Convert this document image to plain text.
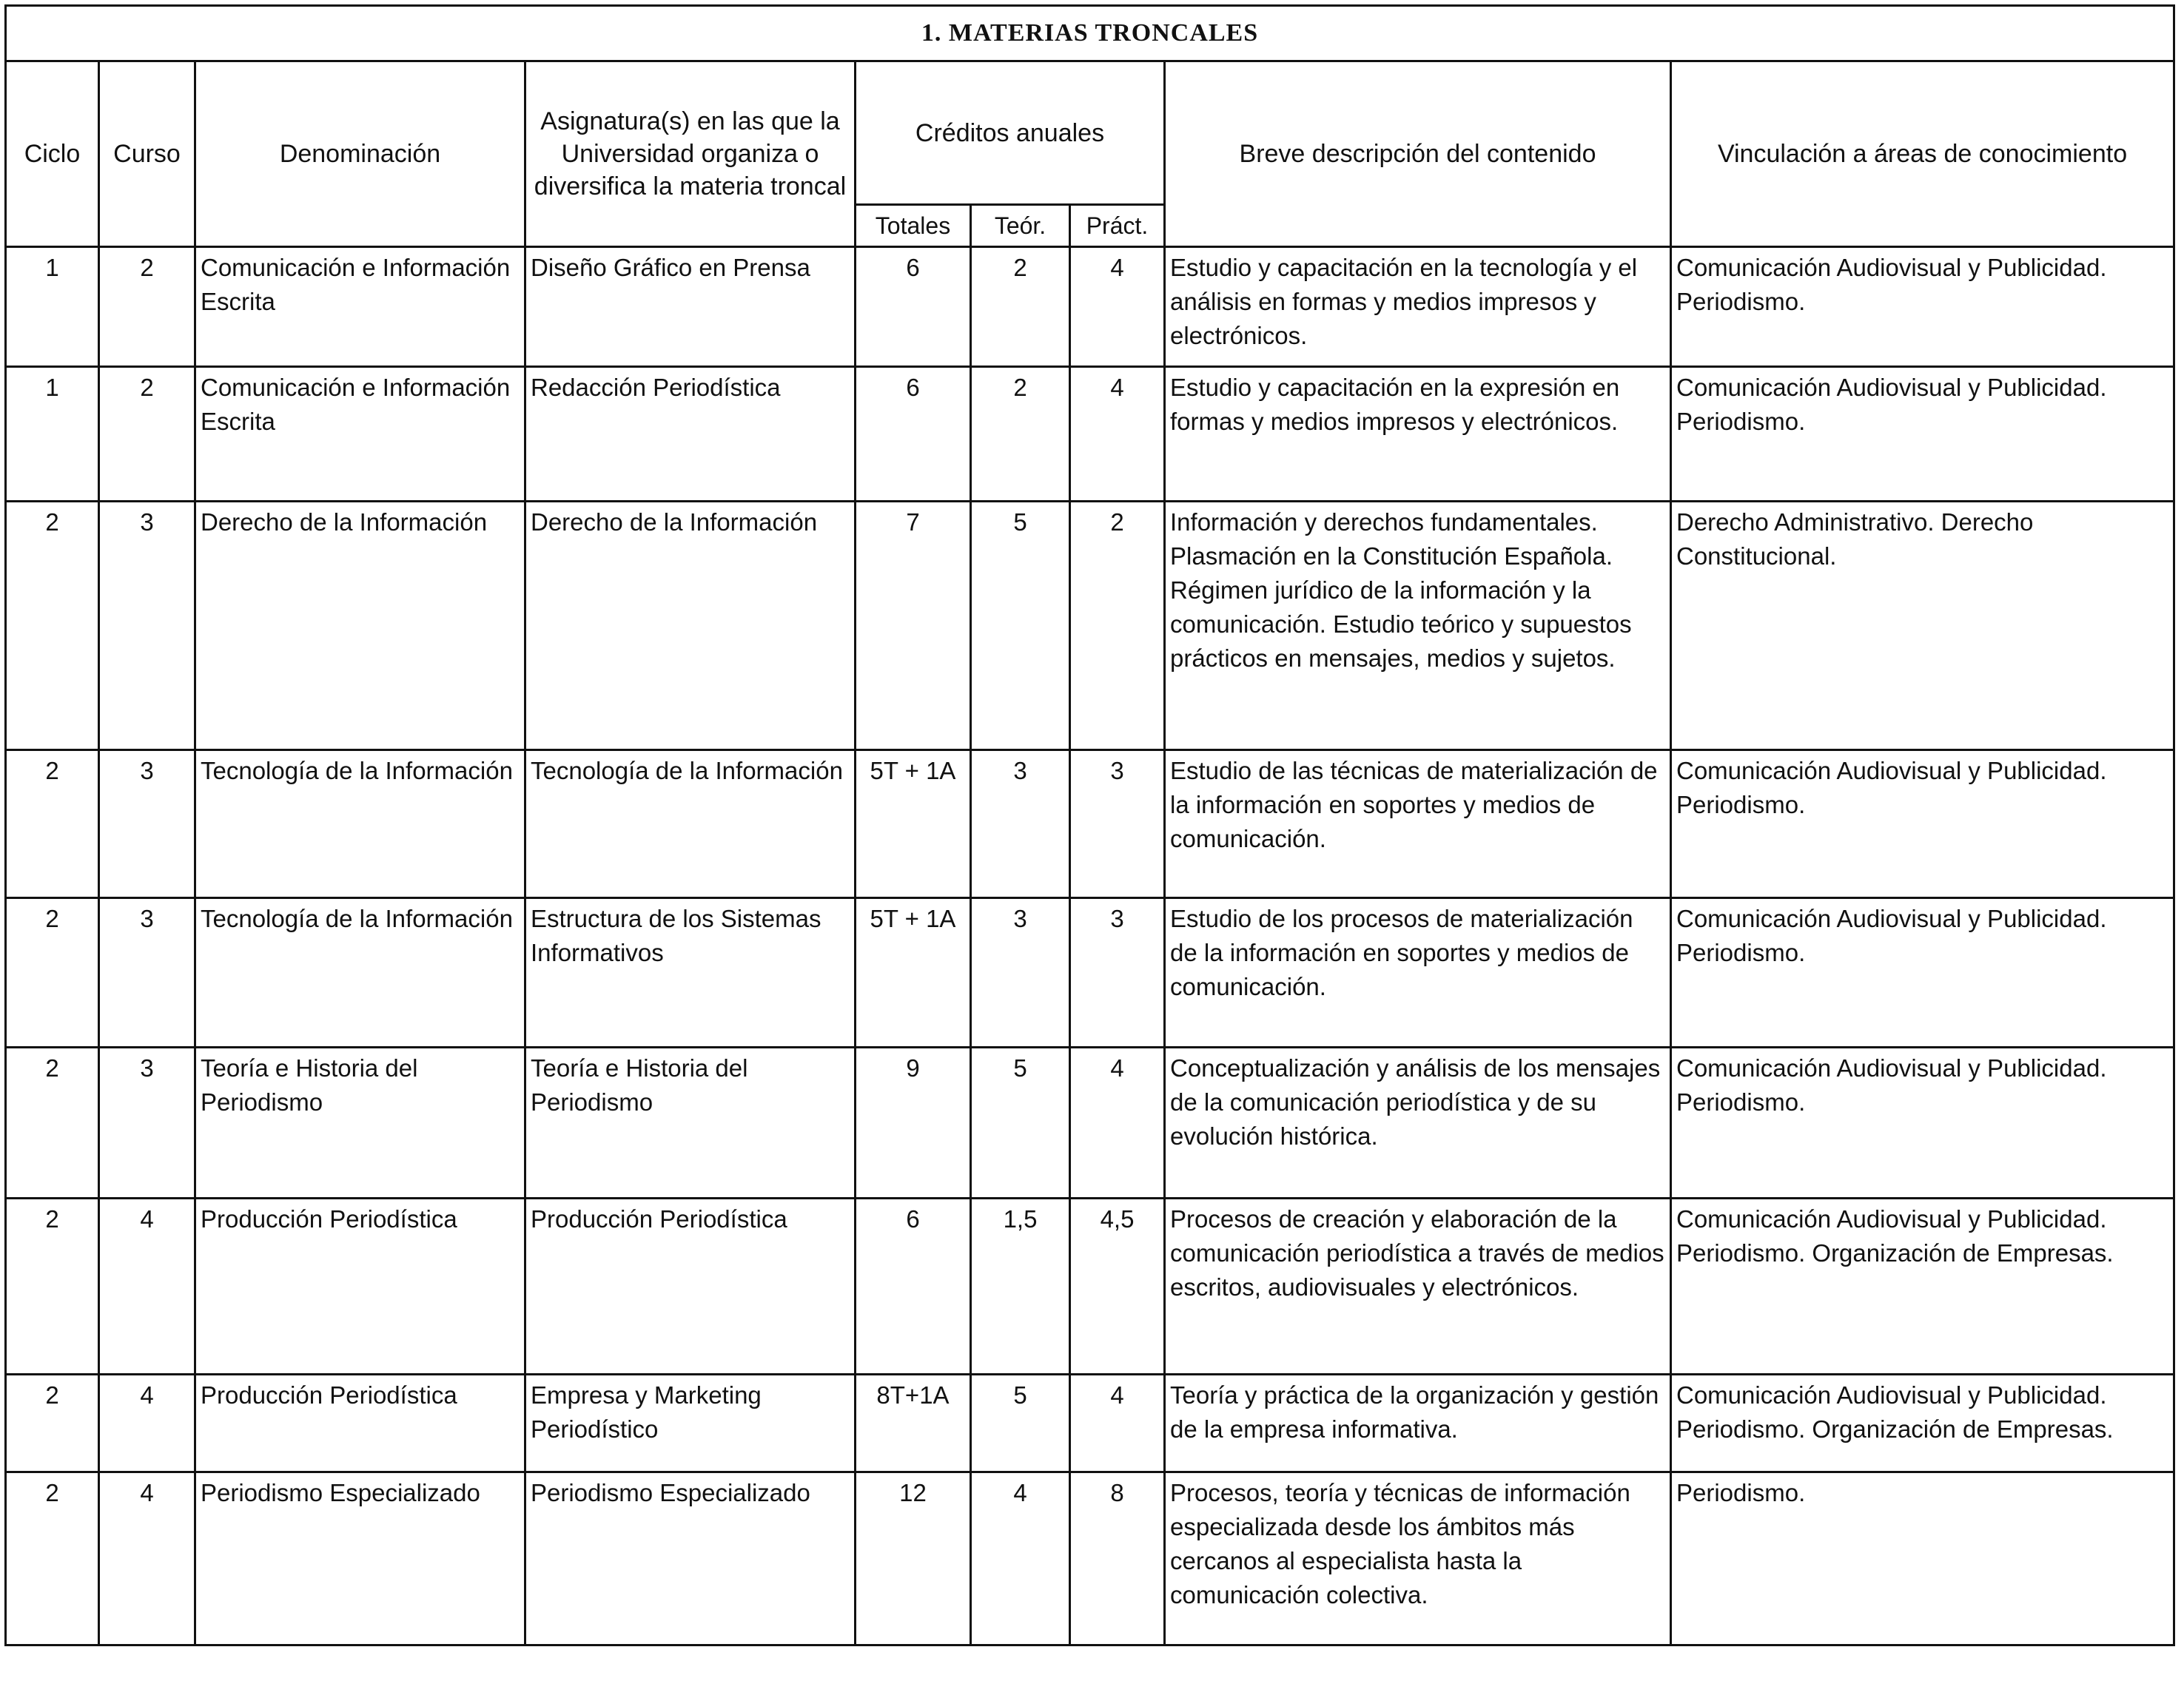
1. MATERIAS TRONCALES								
Ciclo	Curso	Denominación	Asignatura(s) en las que la Universidad organiza o diversifica la materia troncal	Créditos anuales			Breve descripción del contenido	Vinculación a áreas de conocimiento
				Totales	Teór.	Práct.		
1	2	Comunicación e Información Escrita	Diseño Gráfico en Prensa	6	2	4	Estudio y capacitación en la tecnología y el análisis en formas y medios impresos y electrónicos.	Comunicación Audiovisual y Publicidad. Periodismo.
1	2	Comunicación e Información Escrita	Redacción Periodística	6	2	4	Estudio y capacitación en la expresión en formas y medios impresos y electrónicos.	Comunicación Audiovisual y Publicidad. Periodismo.
2	3	Derecho de la Información	Derecho de la Información	7	5	2	Información y derechos fundamentales. Plasmación en la Constitución Española. Régimen jurídico de la información y la comunicación. Estudio teórico y supuestos prácticos en mensajes, medios y sujetos.	Derecho Administrativo. Derecho Constitucional.
2	3	Tecnología de la Información	Tecnología de la Información	5T + 1A	3	3	Estudio de las técnicas de materialización de la información en soportes y medios de comunicación.	Comunicación Audiovisual y Publicidad. Periodismo.
2	3	Tecnología de la Información	Estructura de los Sistemas Informativos	5T + 1A	3	3	Estudio de los procesos de materialización de la información en soportes y medios de comunicación.	Comunicación Audiovisual y Publicidad. Periodismo.
2	3	Teoría e Historia del Periodismo	Teoría e Historia del Periodismo	9	5	4	Conceptualización y análisis de los mensajes de la comunicación periodística y de su evolución histórica.	Comunicación Audiovisual y Publicidad. Periodismo.
2	4	Producción Periodística	Producción Periodística	6	1,5	4,5	Procesos de creación y elaboración de la comunicación periodística a través de medios escritos, audiovisuales y electrónicos.	Comunicación Audiovisual y Publicidad. Periodismo. Organización de Empresas.
2	4	Producción Periodística	Empresa y Marketing Periodístico	8T+1A	5	4	Teoría y práctica de la organización y gestión de la empresa informativa.	Comunicación Audiovisual y Publicidad. Periodismo. Organización de Empresas.
2	4	Periodismo Especializado	Periodismo Especializado	12	4	8	Procesos, teoría y técnicas de información especializada desde los ámbitos más cercanos al especialista hasta la comunicación colectiva.	Periodismo.
